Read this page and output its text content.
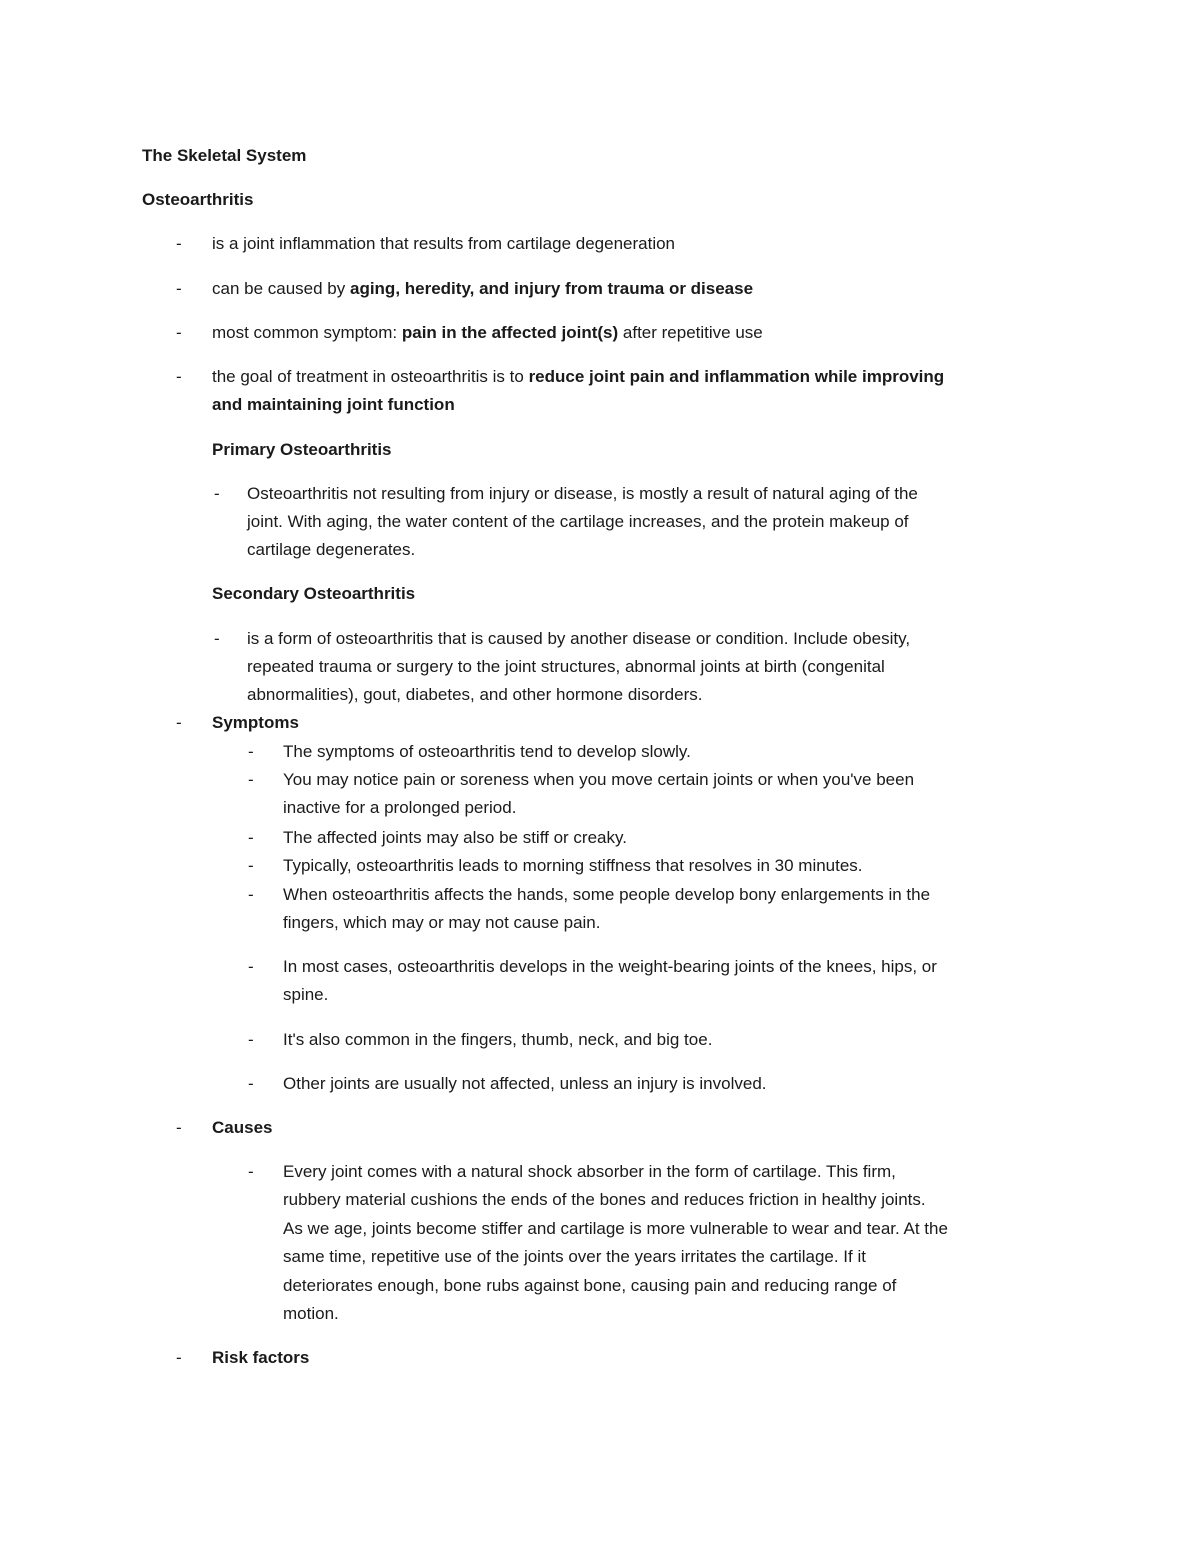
The Skeletal System
Osteoarthritis
- is a joint inflammation that results from cartilage degeneration
- can be caused by aging, heredity, and injury from trauma or disease
- most common symptom: pain in the affected joint(s) after repetitive use
- the goal of treatment in osteoarthritis is to reduce joint pain and inflammation while improving
and maintaining joint function
Primary Osteoarthritis
- Osteoarthritis not resulting from injury or disease, is mostly a result of natural aging of the
joint. With aging, the water content of the cartilage increases, and the protein makeup of
cartilage degenerates.
Secondary Osteoarthritis
- is a form of osteoarthritis that is caused by another disease or condition. Include obesity,
repeated trauma or surgery to the joint structures, abnormal joints at birth (congenital
abnormalities), gout, diabetes, and other hormone disorders.
- Symptoms
- The symptoms of osteoarthritis tend to develop slowly.
- You may notice pain or soreness when you move certain joints or when you've been
inactive for a prolonged period.
- The affected joints may also be stiff or creaky.
- Typically, osteoarthritis leads to morning stiffness that resolves in 30 minutes.
- When osteoarthritis affects the hands, some people develop bony enlargements in the
fingers, which may or may not cause pain.
- In most cases, osteoarthritis develops in the weight-bearing joints of the knees, hips, or
spine.
- It's also common in the fingers, thumb, neck, and big toe.
- Other joints are usually not affected, unless an injury is involved.
- Causes
- Every joint comes with a natural shock absorber in the form of cartilage. This firm,
rubbery material cushions the ends of the bones and reduces friction in healthy joints.
As we age, joints become stiffer and cartilage is more vulnerable to wear and tear. At the
same time, repetitive use of the joints over the years irritates the cartilage. If it
deteriorates enough, bone rubs against bone, causing pain and reducing range of
motion.
- Risk factors
